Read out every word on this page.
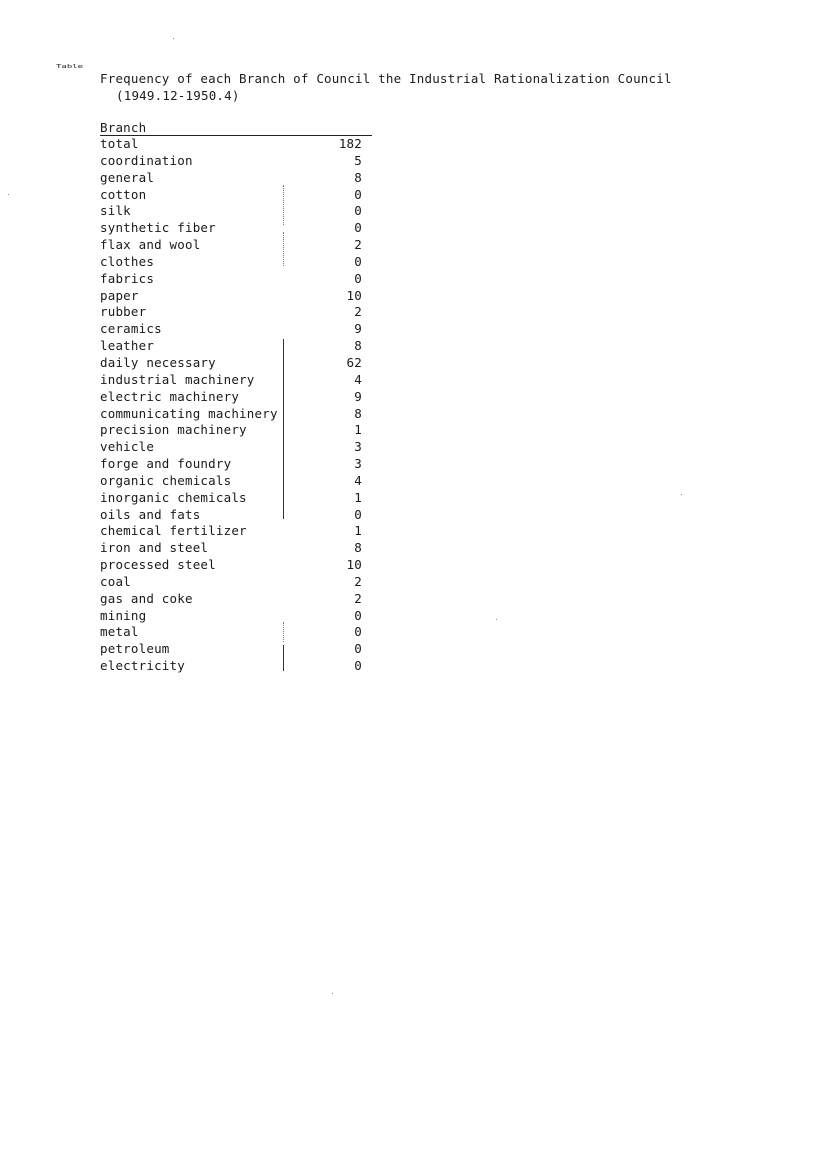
Table
Frequency of each Branch of Council the Industrial Rationalization Council
(1949.12-1950.4)
Branch
total	182
coordination	5
general	8
cotton	0
silk	0
synthetic fiber	0
flax and wool	2
clothes	0
fabrics	0
paper	10
rubber	2
ceramics	9
leather	8
daily necessary	62
industrial machinery	4
electric machinery	9
communicating machinery	8
precision machinery	1
vehicle	3
forge and foundry	3
organic chemicals	4
inorganic chemicals	1
oils and fats	0
chemical fertilizer	1
iron and steel	8
processed steel	10
coal	2
gas and coke	2
mining	0
metal	0
petroleum	0
electricity	0
